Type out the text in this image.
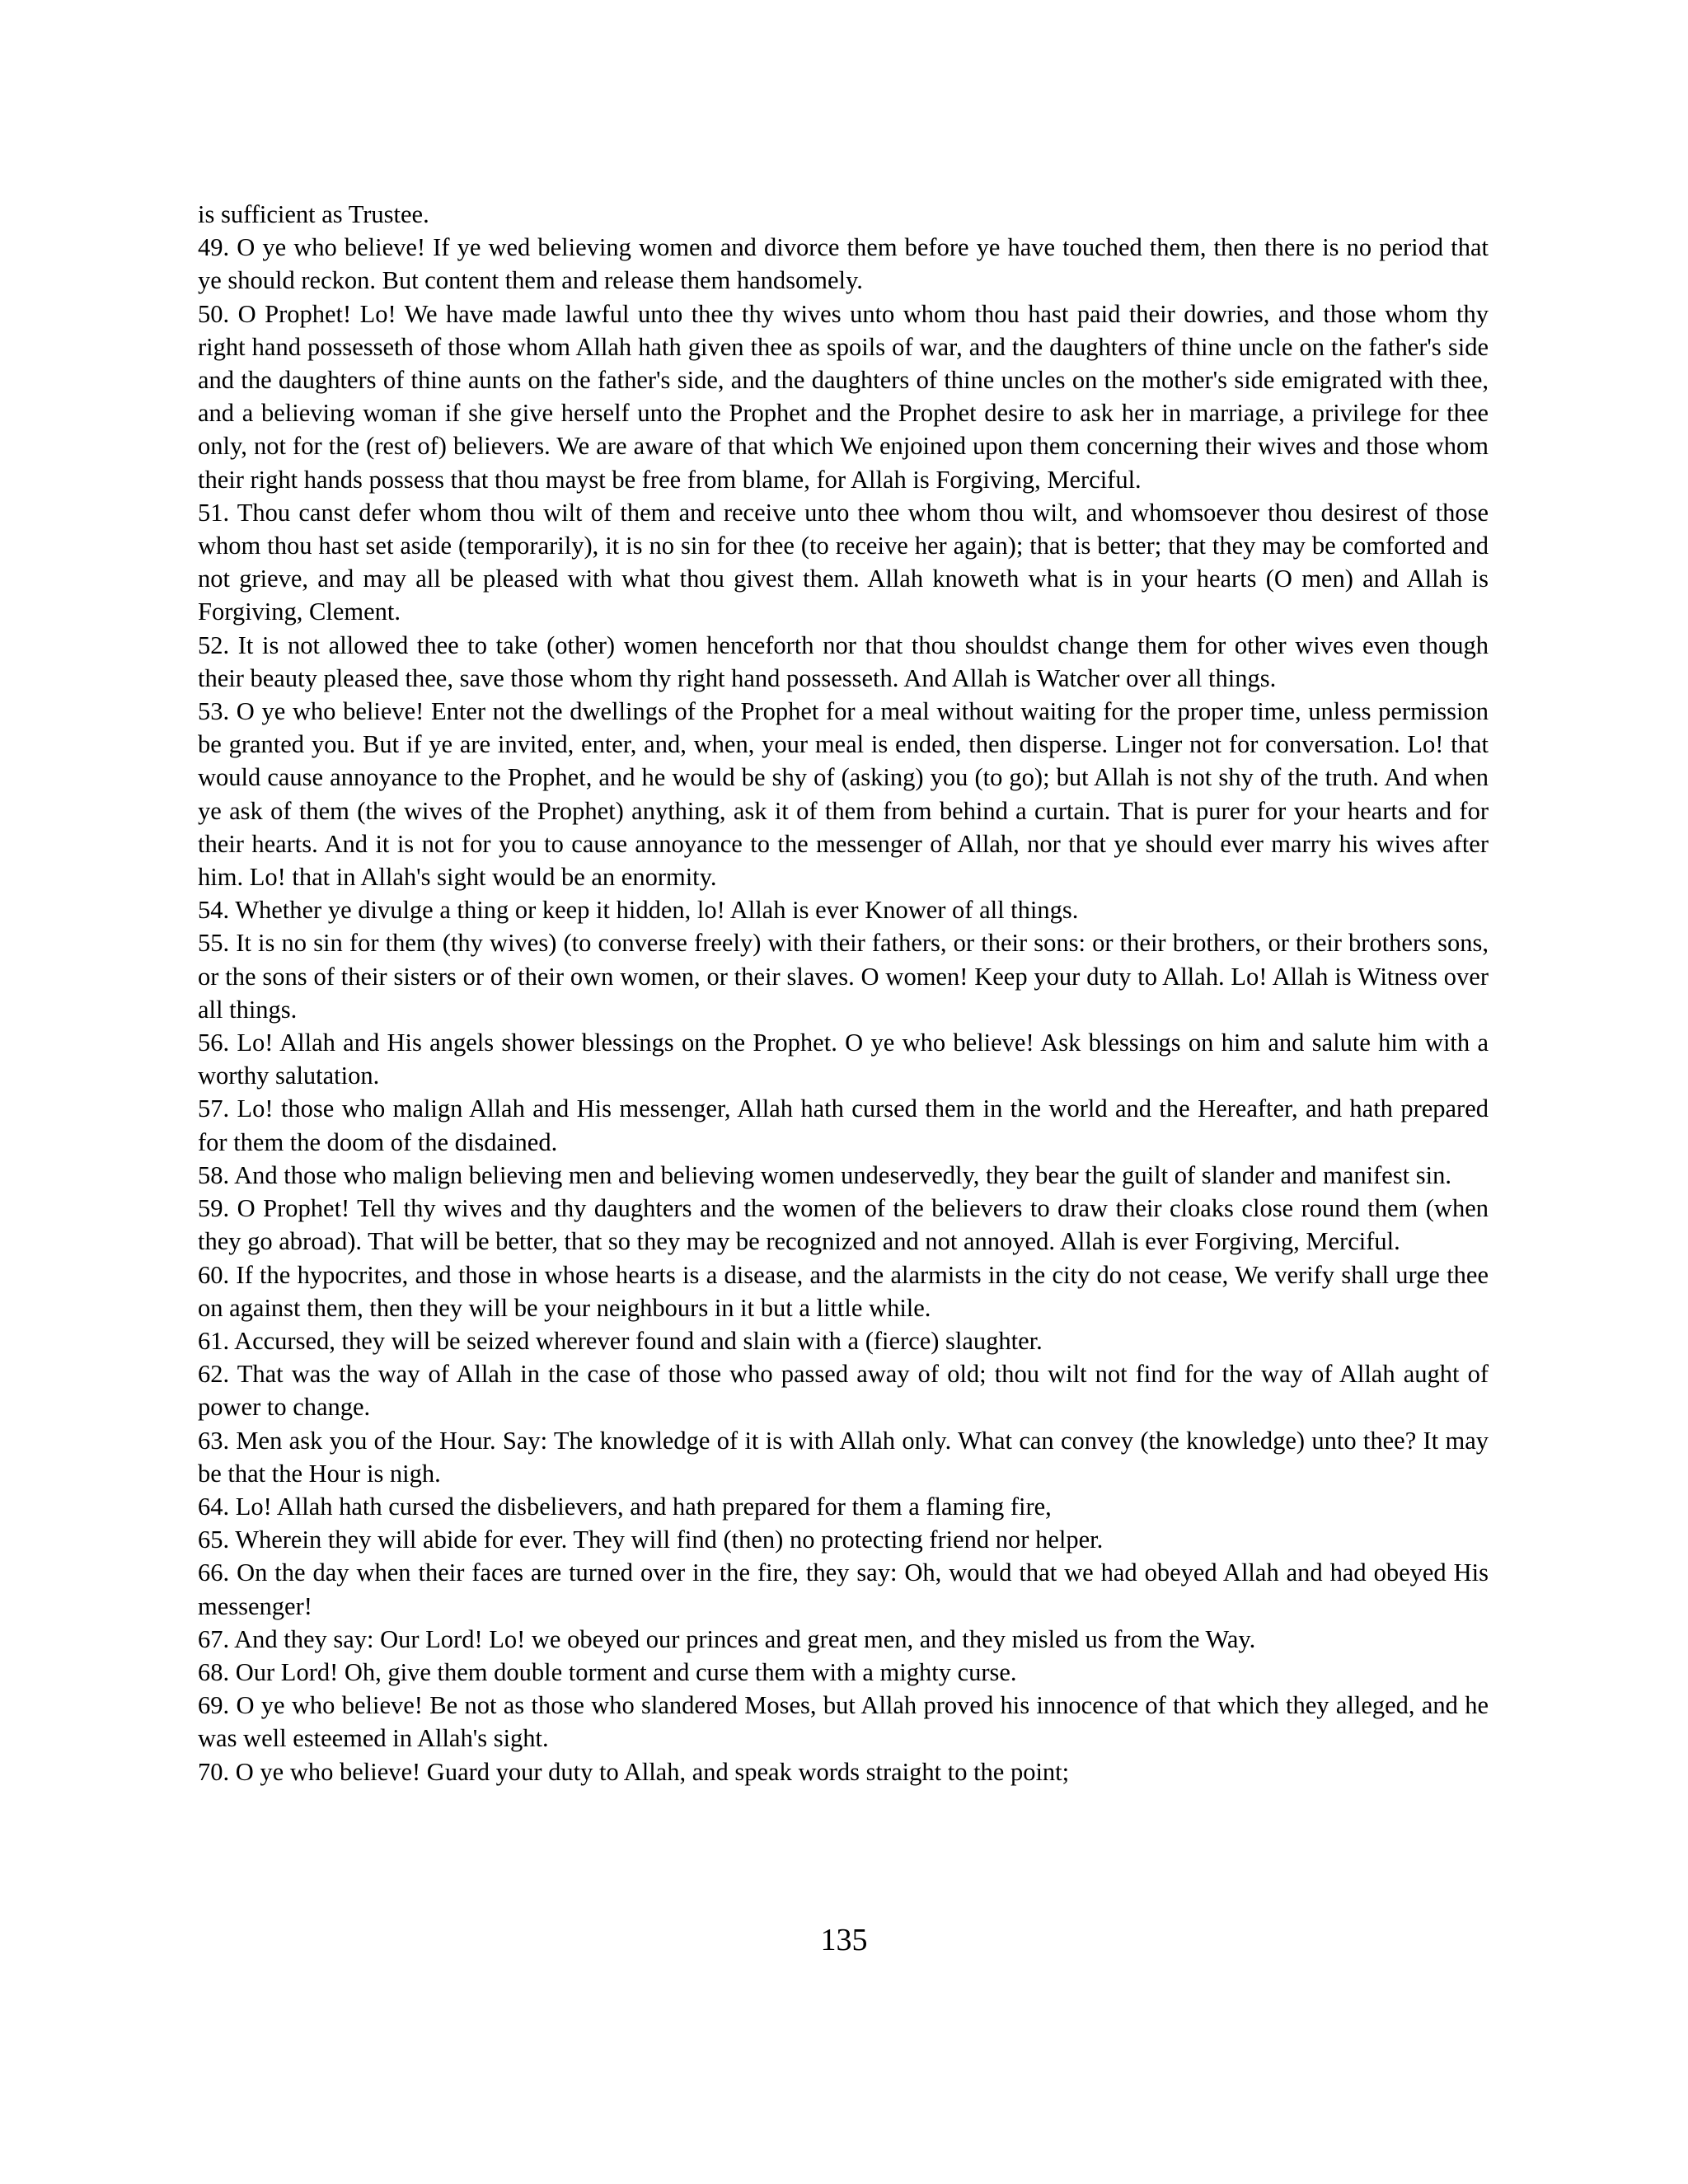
is sufficient as Trustee.

49. O ye who believe! If ye wed believing women and divorce them before ye have touched them, then there is no period that ye should reckon. But content them and release them handsomely.

50. O Prophet! Lo! We have made lawful unto thee thy wives unto whom thou hast paid their dowries, and those whom thy right hand possesseth of those whom Allah hath given thee as spoils of war, and the daughters of thine uncle on the father's side and the daughters of thine aunts on the father's side, and the daughters of thine uncles on the mother's side emigrated with thee, and a believing woman if she give herself unto the Prophet and the Prophet desire to ask her in marriage, a privilege for thee only, not for the (rest of) believers. We are aware of that which We enjoined upon them concerning their wives and those whom their right hands possess that thou mayst be free from blame, for Allah is Forgiving, Merciful.

51. Thou canst defer whom thou wilt of them and receive unto thee whom thou wilt, and whomsoever thou desirest of those whom thou hast set aside (temporarily), it is no sin for thee (to receive her again); that is better; that they may be comforted and not grieve, and may all be pleased with what thou givest them. Allah knoweth what is in your hearts (O men) and Allah is Forgiving, Clement.

52. It is not allowed thee to take (other) women henceforth nor that thou shouldst change them for other wives even though their beauty pleased thee, save those whom thy right hand possesseth. And Allah is Watcher over all things.

53. O ye who believe! Enter not the dwellings of the Prophet for a meal without waiting for the proper time, unless permission be granted you. But if ye are invited, enter, and, when, your meal is ended, then disperse. Linger not for conversation. Lo! that would cause annoyance to the Prophet, and he would be shy of (asking) you (to go); but Allah is not shy of the truth. And when ye ask of them (the wives of the Prophet) anything, ask it of them from behind a curtain. That is purer for your hearts and for their hearts. And it is not for you to cause annoyance to the messenger of Allah, nor that ye should ever marry his wives after him. Lo! that in Allah's sight would be an enormity.

54. Whether ye divulge a thing or keep it hidden, lo! Allah is ever Knower of all things.

55. It is no sin for them (thy wives) (to converse freely) with their fathers, or their sons: or their brothers, or their brothers sons, or the sons of their sisters or of their own women, or their slaves. O women! Keep your duty to Allah. Lo! Allah is Witness over all things.

56. Lo! Allah and His angels shower blessings on the Prophet. O ye who believe! Ask blessings on him and salute him with a worthy salutation.

57. Lo! those who malign Allah and His messenger, Allah hath cursed them in the world and the Hereafter, and hath prepared for them the doom of the disdained.

58. And those who malign believing men and believing women undeservedly, they bear the guilt of slander and manifest sin.

59. O Prophet! Tell thy wives and thy daughters and the women of the believers to draw their cloaks close round them (when they go abroad). That will be better, that so they may be recognized and not annoyed. Allah is ever Forgiving, Merciful.

60. If the hypocrites, and those in whose hearts is a disease, and the alarmists in the city do not cease, We verify shall urge thee on against them, then they will be your neighbours in it but a little while.

61. Accursed, they will be seized wherever found and slain with a (fierce) slaughter.

62. That was the way of Allah in the case of those who passed away of old; thou wilt not find for the way of Allah aught of power to change.

63. Men ask you of the Hour. Say: The knowledge of it is with Allah only. What can convey (the knowledge) unto thee? It may be that the Hour is nigh.

64. Lo! Allah hath cursed the disbelievers, and hath prepared for them a flaming fire,

65. Wherein they will abide for ever. They will find (then) no protecting friend nor helper.

66. On the day when their faces are turned over in the fire, they say: Oh, would that we had obeyed Allah and had obeyed His messenger!

67. And they say: Our Lord! Lo! we obeyed our princes and great men, and they misled us from the Way.

68. Our Lord! Oh, give them double torment and curse them with a mighty curse.

69. O ye who believe! Be not as those who slandered Moses, but Allah proved his innocence of that which they alleged, and he was well esteemed in Allah's sight.

70. O ye who believe! Guard your duty to Allah, and speak words straight to the point;

135
